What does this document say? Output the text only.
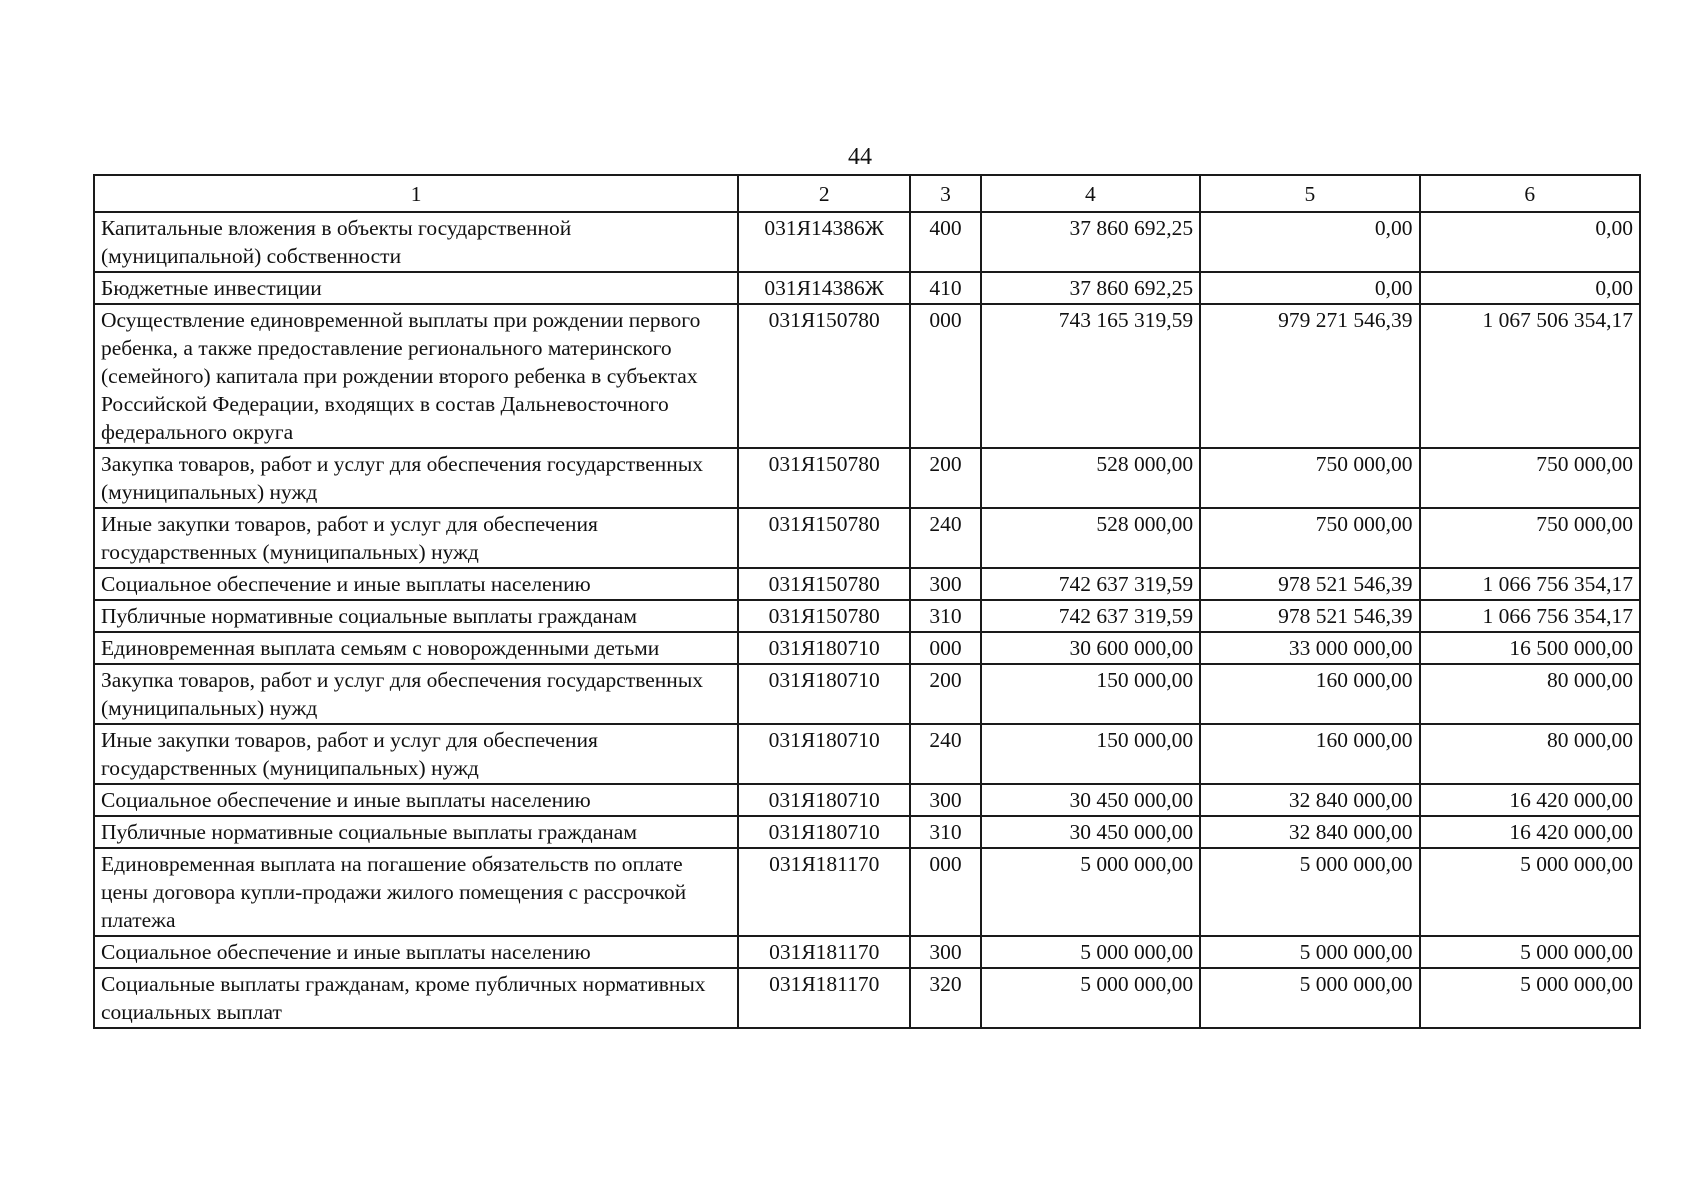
44
1	2	3	4	5	6
Капитальные вложения в объекты государственной (муниципальной) собственности	031Я14386Ж	400	37 860 692,25	0,00	0,00
Бюджетные инвестиции	031Я14386Ж	410	37 860 692,25	0,00	0,00
Осуществление единовременной выплаты при рождении первого ребенка, а также предоставление регионального материнского (семейного) капитала при рождении второго ребенка в субъектах Российской Федерации, входящих в состав Дальневосточного федерального округа	031Я150780	000	743 165 319,59	979 271 546,39	1 067 506 354,17
Закупка товаров, работ и услуг для обеспечения государственных (муниципальных) нужд	031Я150780	200	528 000,00	750 000,00	750 000,00
Иные закупки товаров, работ и услуг для обеспечения государственных (муниципальных) нужд	031Я150780	240	528 000,00	750 000,00	750 000,00
Социальное обеспечение и иные выплаты населению	031Я150780	300	742 637 319,59	978 521 546,39	1 066 756 354,17
Публичные нормативные социальные выплаты гражданам	031Я150780	310	742 637 319,59	978 521 546,39	1 066 756 354,17
Единовременная выплата семьям с новорожденными детьми	031Я180710	000	30 600 000,00	33 000 000,00	16 500 000,00
Закупка товаров, работ и услуг для обеспечения государственных (муниципальных) нужд	031Я180710	200	150 000,00	160 000,00	80 000,00
Иные закупки товаров, работ и услуг для обеспечения государственных (муниципальных) нужд	031Я180710	240	150 000,00	160 000,00	80 000,00
Социальное обеспечение и иные выплаты населению	031Я180710	300	30 450 000,00	32 840 000,00	16 420 000,00
Публичные нормативные социальные выплаты гражданам	031Я180710	310	30 450 000,00	32 840 000,00	16 420 000,00
Единовременная выплата на погашение обязательств по оплате цены договора купли-продажи жилого помещения с рассрочкой платежа	031Я181170	000	5 000 000,00	5 000 000,00	5 000 000,00
Социальное обеспечение и иные выплаты населению	031Я181170	300	5 000 000,00	5 000 000,00	5 000 000,00
Социальные выплаты гражданам, кроме публичных нормативных социальных выплат	031Я181170	320	5 000 000,00	5 000 000,00	5 000 000,00
